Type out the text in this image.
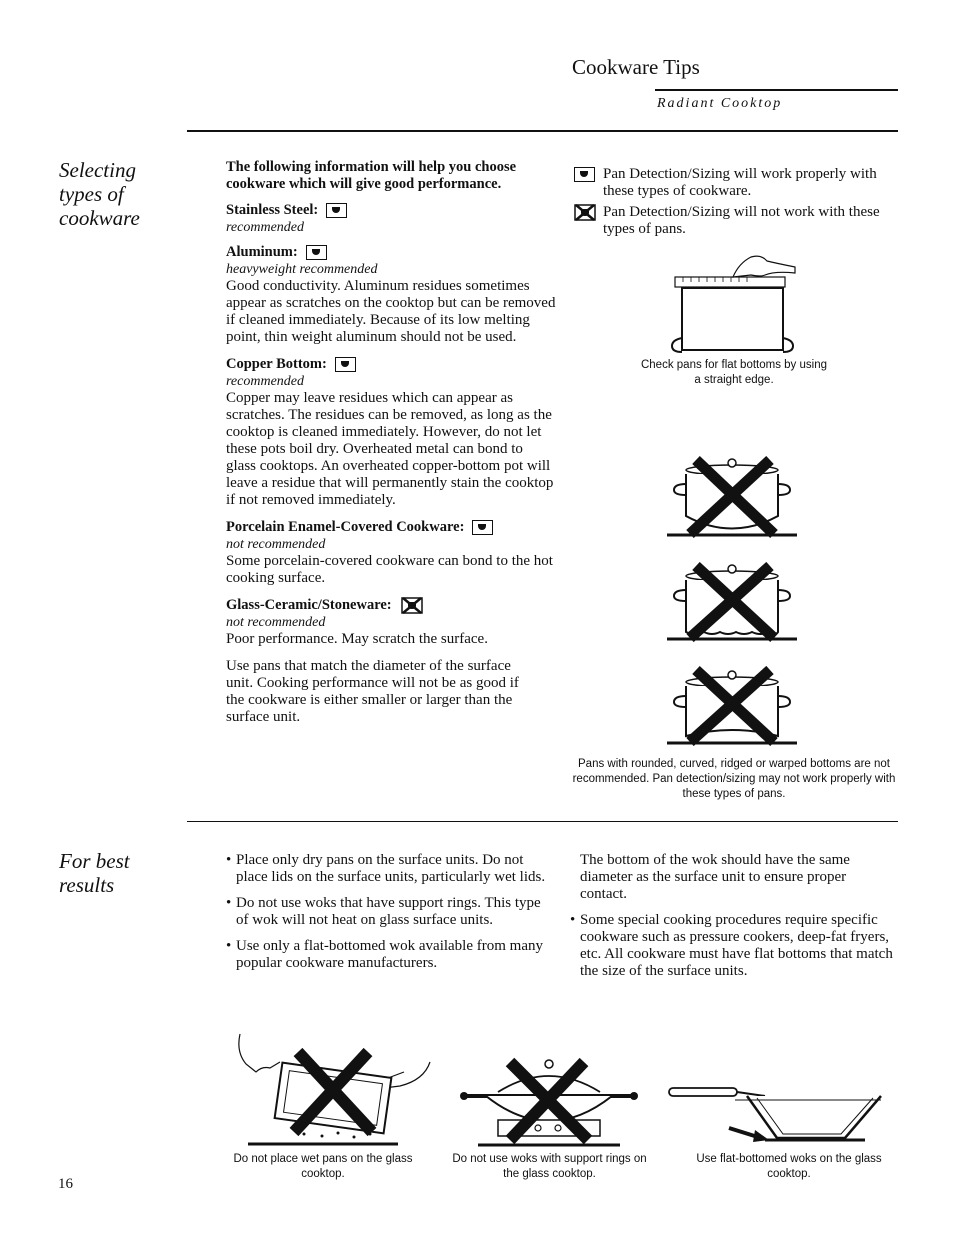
Cookware Tips
Radiant Cooktop
Selecting types of cookware
The following information will help you choose cookware which will give good performance.
Stainless Steel:
recommended
Aluminum:
heavyweight recommended
Good conductivity. Aluminum residues sometimes appear as scratches on the cooktop but can be removed if cleaned immediately. Because of its low melting point, thin weight aluminum should not be used.
Copper Bottom:
recommended
Copper may leave residues which can appear as scratches. The residues can be removed, as long as the cooktop is cleaned immediately. However, do not let these pots boil dry. Overheated metal can bond to glass cooktops. An overheated copper-bottom pot will leave a residue that will permanently stain the cooktop if not removed immediately.
Porcelain Enamel-Covered Cookware:
not recommended
Some porcelain-covered cookware can bond to the hot cooking surface.
Glass-Ceramic/Stoneware:
not recommended
Poor performance. May scratch the surface.
Use pans that match the diameter of the surface unit. Cooking performance will not be as good if the cookware is either smaller or larger than the surface unit.
Pan Detection/Sizing will work properly with these types of cookware.
Pan Detection/Sizing will not work with these types of pans.
Check pans for flat bottoms by using a straight edge.
Pans with rounded, curved, ridged or warped bottoms are not recommended. Pan detection/sizing may not work properly with these types of pans.
For best results
• Place only dry pans on the surface units. Do not place lids on the surface units, particularly wet lids.
• Do not use woks that have support rings. This type of wok will not heat on glass surface units.
• Use only a flat-bottomed wok available from many popular cookware manufacturers.
The bottom of the wok should have the same diameter as the surface unit to ensure proper contact.
• Some special cooking procedures require specific cookware such as pressure cookers, deep-fat fryers, etc. All cookware must have flat bottoms that match the size of the surface units.
Do not place wet pans on the glass cooktop.
Do not use woks with support rings on the glass cooktop.
Use flat-bottomed woks on the glass cooktop.
16
